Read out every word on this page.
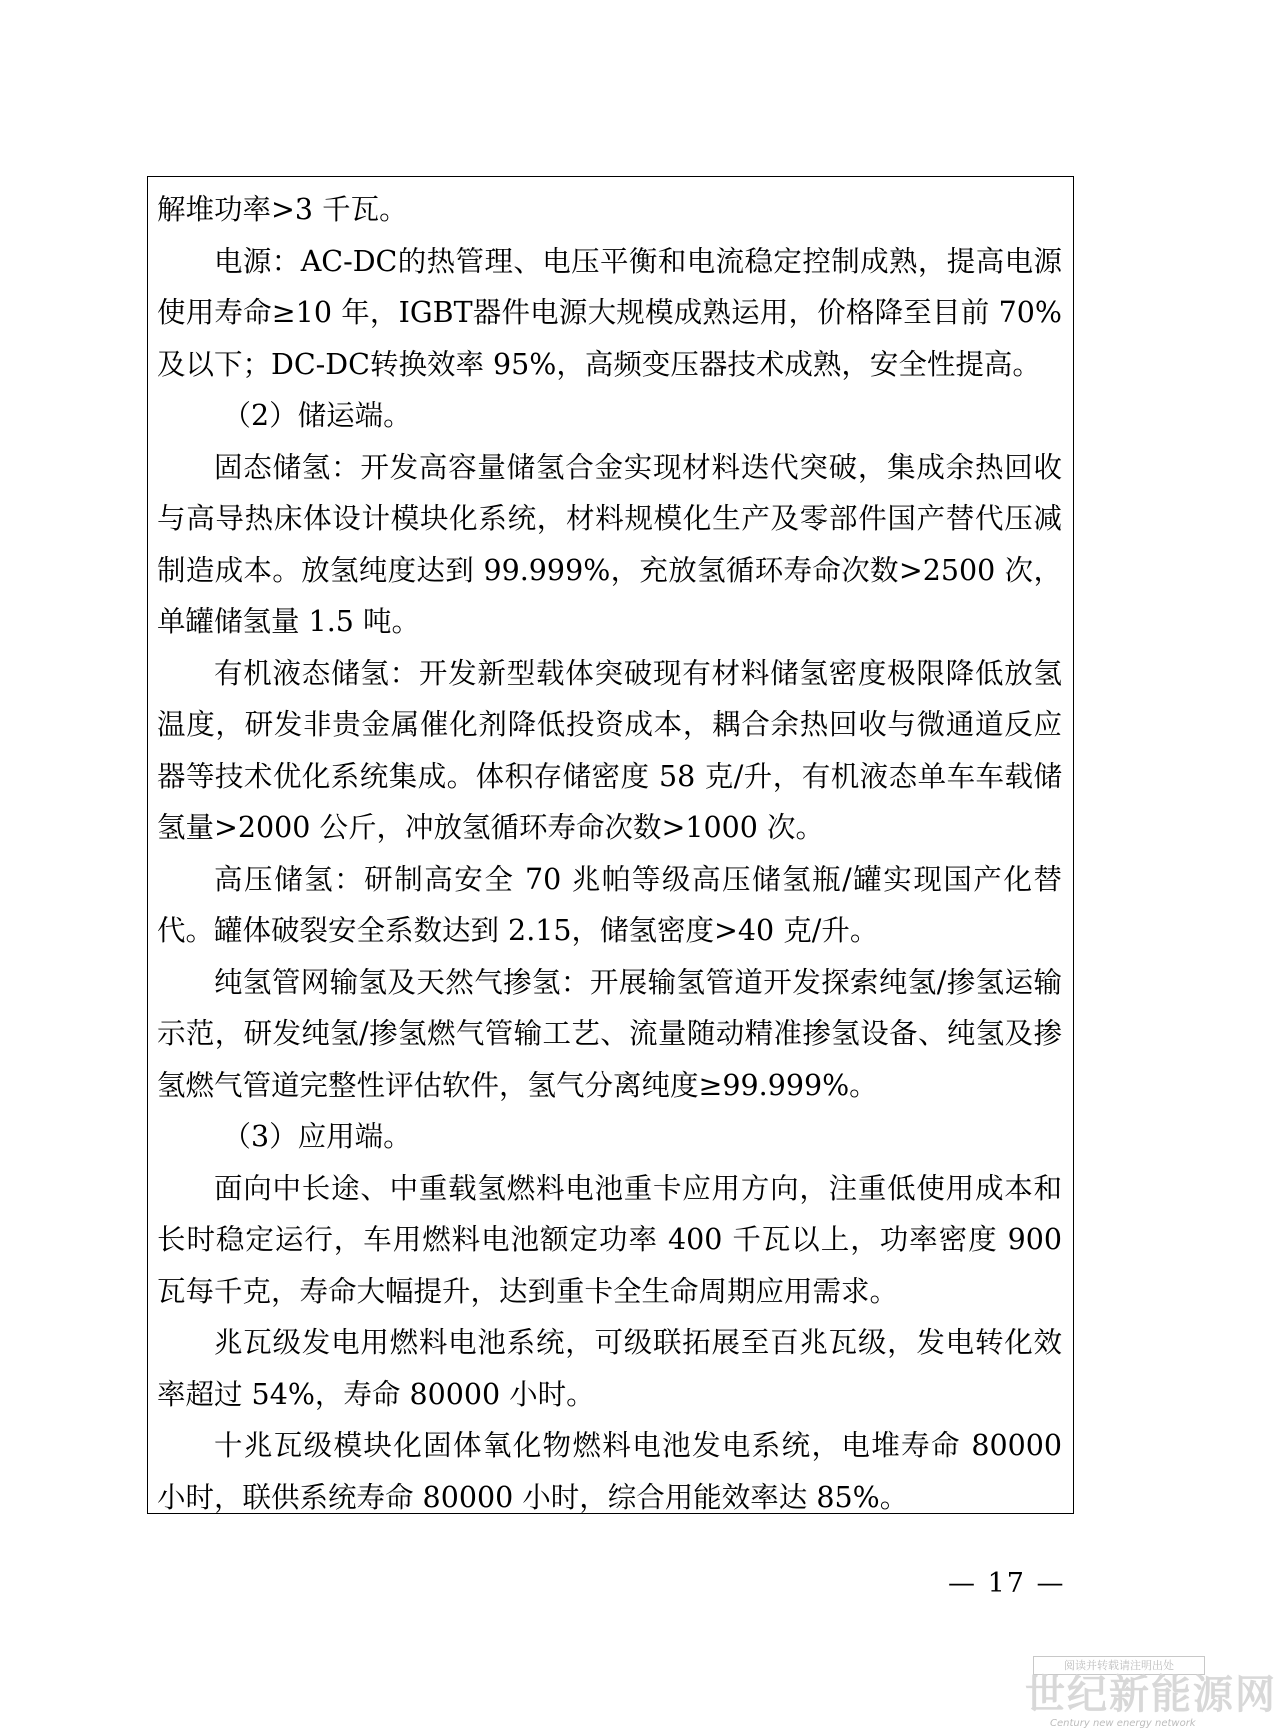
解堆功率>3 千瓦。

电源：AC-DC的热管理、电压平衡和电流稳定控制成熟，提高电源使用寿命≥10 年，IGBT器件电源大规模成熟运用，价格降至目前 70%及以下；DC-DC转换效率 95%，高频变压器技术成熟，安全性提高。

（2）储运端。

固态储氢：开发高容量储氢合金实现材料迭代突破，集成余热回收与高导热床体设计模块化系统，材料规模化生产及零部件国产替代压减制造成本。放氢纯度达到 99.999%，充放氢循环寿命次数>2500 次，单罐储氢量 1.5 吨。

有机液态储氢：开发新型载体突破现有材料储氢密度极限降低放氢温度，研发非贵金属催化剂降低投资成本，耦合余热回收与微通道反应器等技术优化系统集成。体积存储密度 58 克/升，有机液态单车车载储氢量>2000 公斤，冲放氢循环寿命次数>1000 次。

高压储氢：研制高安全 70 兆帕等级高压储氢瓶/罐实现国产化替代。罐体破裂安全系数达到 2.15，储氢密度>40 克/升。

纯氢管网输氢及天然气掺氢：开展输氢管道开发探索纯氢/掺氢运输示范，研发纯氢/掺氢燃气管输工艺、流量随动精准掺氢设备、纯氢及掺氢燃气管道完整性评估软件，氢气分离纯度≥99.999%。

（3）应用端。

面向中长途、中重载氢燃料电池重卡应用方向，注重低使用成本和长时稳定运行，车用燃料电池额定功率 400 千瓦以上，功率密度 900 瓦每千克，寿命大幅提升，达到重卡全生命周期应用需求。

兆瓦级发电用燃料电池系统，可级联拓展至百兆瓦级，发电转化效率超过 54%，寿命 80000 小时。

十兆瓦级模块化固体氧化物燃料电池发电系统，电堆寿命 80000 小时，联供系统寿命 80000 小时，综合用能效率达 85%。

— 17 —
阅读并转载请注明出处
世纪新能源网
Century new energy network
